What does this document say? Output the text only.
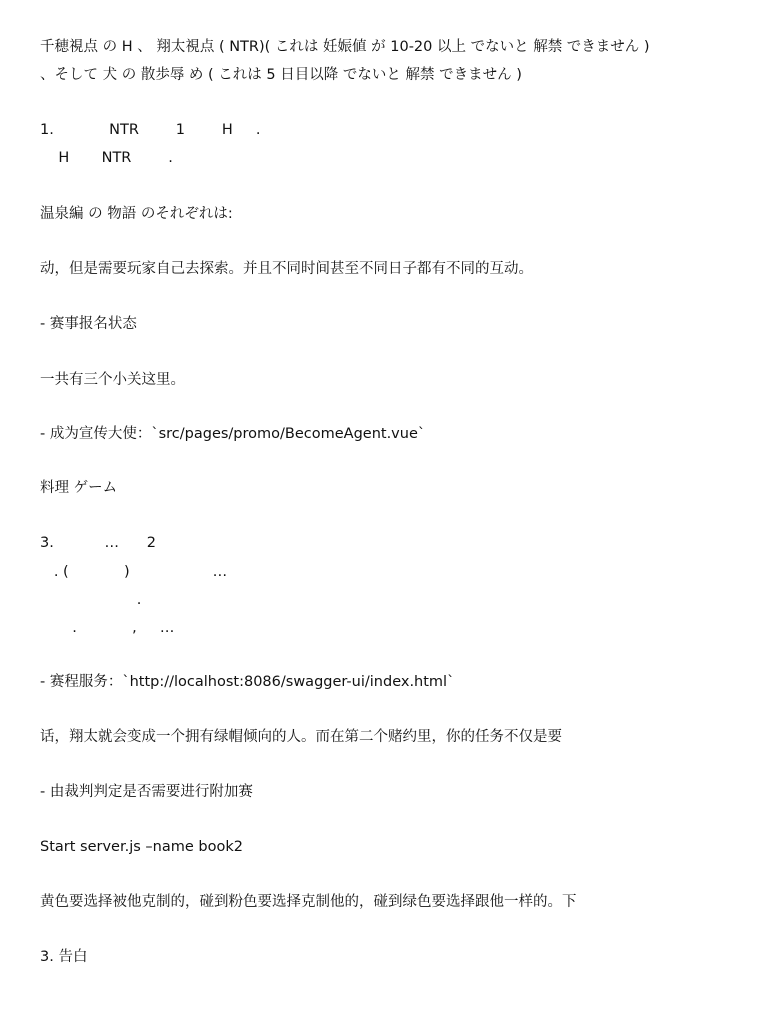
千穂視点 の H 、 翔太視点 ( NTR)( これは 妊娠値 が 10-20 以上 でないと 解禁 できません )
、そして 犬 の 散歩辱 め ( これは 5 日目以降 でないと 解禁 できません )
1.            NTR        1        H     .
H       NTR        .
温泉編 の 物語 のそれぞれは:
动，但是需要玩家自己去探索。并且不同时间甚至不同日子都有不同的互动。
- 赛事报名状态
一共有三个小关这里。
- 成为宣传大使：`src/pages/promo/BecomeAgent.vue`
料理 ゲーム
3.           …      2
. (            )                  …
.
.            ,     …
- 赛程服务：`http://localhost:8086/swagger-ui/index.html`
话，翔太就会变成一个拥有绿帽倾向的人。而在第二个赌约里，你的任务不仅是要
- 由裁判判定是否需要进行附加赛
Start server.js –name book2
黄色要选择被他克制的，碰到粉色要选择克制他的，碰到绿色要选择跟他一样的。下
3. 告白
